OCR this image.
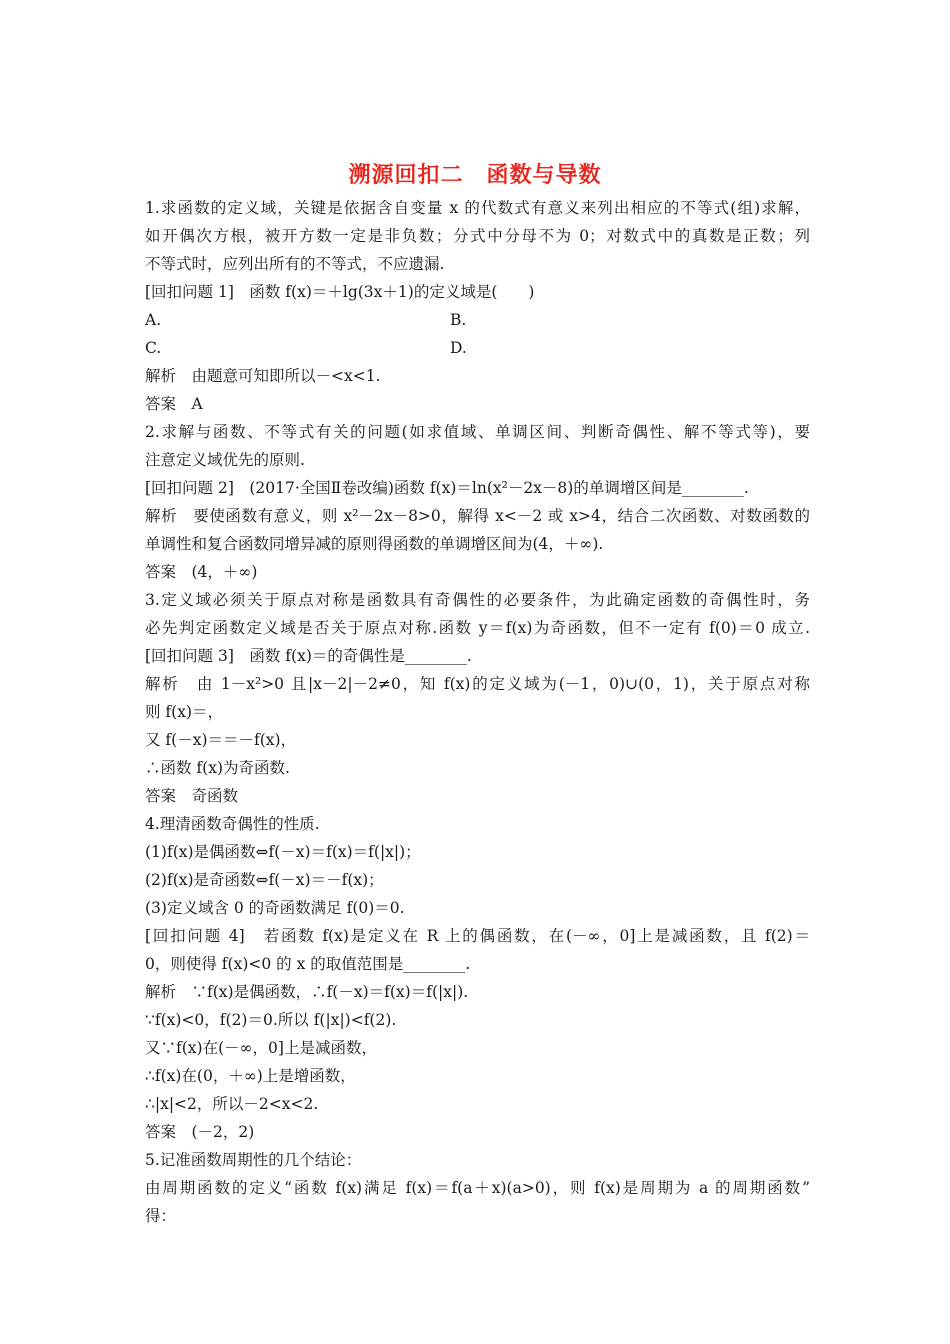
溯源回扣二　函数与导数
1.求函数的定义域，关键是依据含自变量 x 的代数式有意义来列出相应的不等式(组)求解，
如开偶次方根，被开方数一定是非负数；分式中分母不为 0；对数式中的真数是正数；列
不等式时，应列出所有的不等式，不应遗漏.
[回扣问题 1]　函数 f(x)＝＋lg(3x＋1)的定义域是(　　)
A.	B.
C.	D.
解析　由题意可知即所以－<x<1.
答案　A
2.求解与函数、不等式有关的问题(如求值域、单调区间、判断奇偶性、解不等式等)，要
注意定义域优先的原则.
[回扣问题 2]　(2017·全国Ⅱ卷改编)函数 f(x)＝ln(x²－2x－8)的单调增区间是________.
解析　要使函数有意义，则 x²－2x－8>0，解得 x<－2 或 x>4，结合二次函数、对数函数的
单调性和复合函数同增异减的原则得函数的单调增区间为(4，＋∞).
答案　(4，＋∞)
3.定义域必须关于原点对称是函数具有奇偶性的必要条件，为此确定函数的奇偶性时，务
必先判定函数定义域是否关于原点对称.函数 y＝f(x)为奇函数，但不一定有 f(0)＝0 成立.
[回扣问题 3]　函数 f(x)＝的奇偶性是________.
解析　由 1－x²>0 且|x－2|－2≠0，知 f(x)的定义域为(－1，0)∪(0，1)，关于原点对称
则 f(x)＝，
又 f(－x)＝＝－f(x)，
∴函数 f(x)为奇函数.
答案　奇函数
4.理清函数奇偶性的性质.
(1)f(x)是偶函数⇔f(－x)＝f(x)＝f(|x|)；
(2)f(x)是奇函数⇔f(－x)＝－f(x)；
(3)定义域含 0 的奇函数满足 f(0)＝0.
[回扣问题 4]　若函数 f(x)是定义在 R 上的偶函数，在(－∞，0]上是减函数，且 f(2)＝
0，则使得 f(x)<0 的 x 的取值范围是________.
解析　∵f(x)是偶函数，∴f(－x)＝f(x)＝f(|x|).
∵f(x)<0，f(2)＝0.所以 f(|x|)<f(2).
又∵f(x)在(－∞，0]上是减函数，
∴f(x)在(0，＋∞)上是增函数，
∴|x|<2，所以－2<x<2.
答案　(－2，2)
5.记准函数周期性的几个结论：
由周期函数的定义“函数 f(x)满足 f(x)＝f(a＋x)(a>0)，则 f(x)是周期为 a 的周期函数”
得：
